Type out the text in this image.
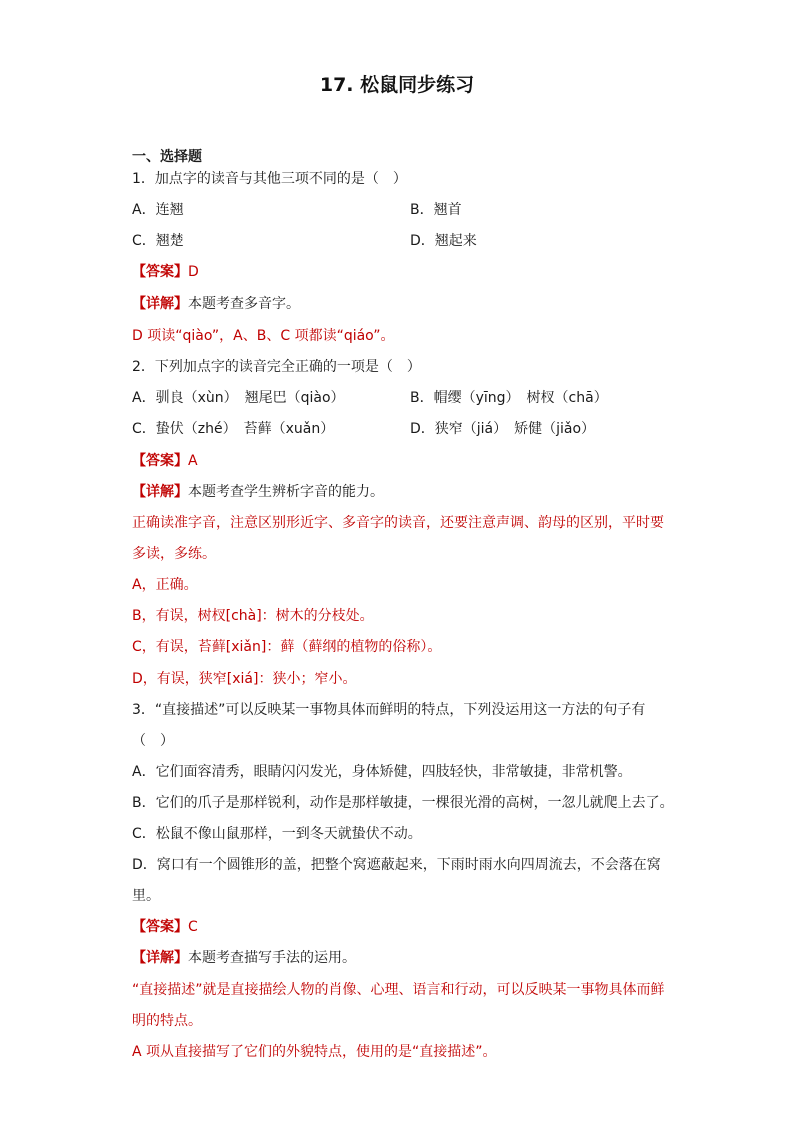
17. 松鼠同步练习
一、选择题
1．加点字的读音与其他三项不同的是（　）
A．连翘	B．翘首
C．翘楚	D．翘起来
【答案】D
【详解】本题考查多音字。
D 项读“qiào”，A、B、C 项都读“qiáo”。
2．下列加点字的读音完全正确的一项是（　）
A．驯良（xùn）　翘尾巴（qiào）	B．帽缨（yīng）　树杈（chā）
C．蛰伏（zhé）　苔藓（xuǎn）	D．狭窄（jiá）　矫健（jiǎo）
【答案】A
【详解】本题考查学生辨析字音的能力。
正确读准字音，注意区别形近字、多音字的读音，还要注意声调、韵母的区别，平时要
多读，多练。
A，正确。
B，有误，树杈[chà]：树木的分枝处。
C，有误，苔藓[xiǎn]：藓（藓纲的植物的俗称）。
D，有误，狭窄[xiá]：狭小；窄小。
3．“直接描述”可以反映某一事物具体而鲜明的特点，下列没运用这一方法的句子有
（　）
A．它们面容清秀，眼睛闪闪发光，身体矫健，四肢轻快，非常敏捷，非常机警。
B．它们的爪子是那样锐利，动作是那样敏捷，一棵很光滑的高树，一忽儿就爬上去了。
C．松鼠不像山鼠那样，一到冬天就蛰伏不动。
D．窝口有一个圆锥形的盖，把整个窝遮蔽起来，下雨时雨水向四周流去，不会落在窝
里。
【答案】C
【详解】本题考查描写手法的运用。
“直接描述”就是直接描绘人物的肖像、心理、语言和行动，可以反映某一事物具体而鲜
明的特点。
A 项从直接描写了它们的外貌特点，使用的是“直接描述”。
